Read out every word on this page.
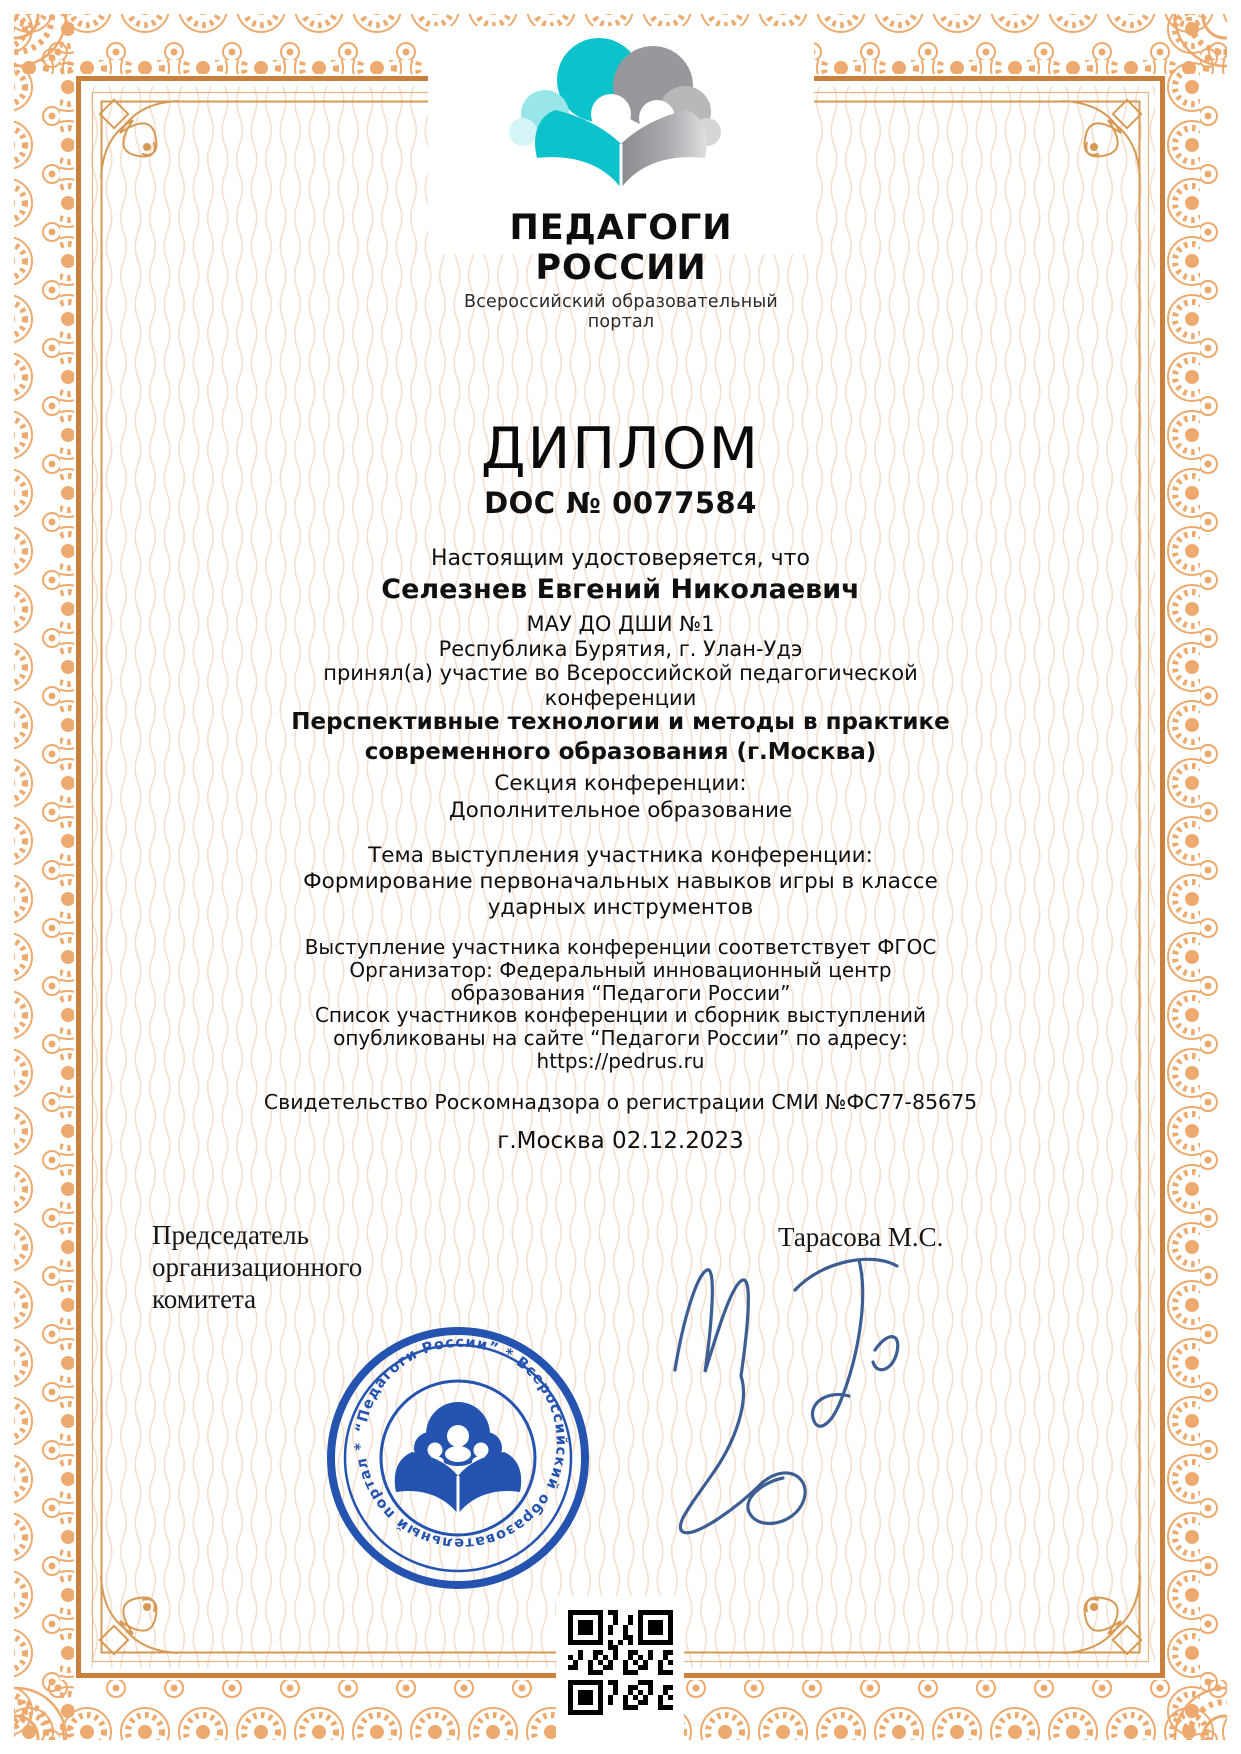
ПЕДАГОГИ РОССИИ
Всероссийский образовательный портал
ДИПЛОМ
DOC № 0077584
Настоящим удостоверяется, что
Селезнев Евгений Николаевич
МАУ ДО ДШИ №1
Республика Бурятия, г. Улан-Удэ
принял(а) участие во Всероссийской педагогической конференции
Перспективные технологии и методы в практике современного образования (г.Москва)
Секция конференции:
Дополнительное образование
Тема выступления участника конференции:
Формирование первоначальных навыков игры в классе ударных инструментов

Выступление участника конференции соответствует ФГОС

Организатор: Федеральный инновационный центр образования “Педагоги России”

Список участников конференции и сборник выступлений опубликованы на сайте “Педагоги России” по адресу:

https://pedrus.ru

Свидетельство Роскомнадзора о регистрации СМИ №ФС77-85675
г.Москва 02.12.2023
Председатель организационного комитета
Тарасова М.С.
“Педагоги России” * Всероссийский образовательный портал *
